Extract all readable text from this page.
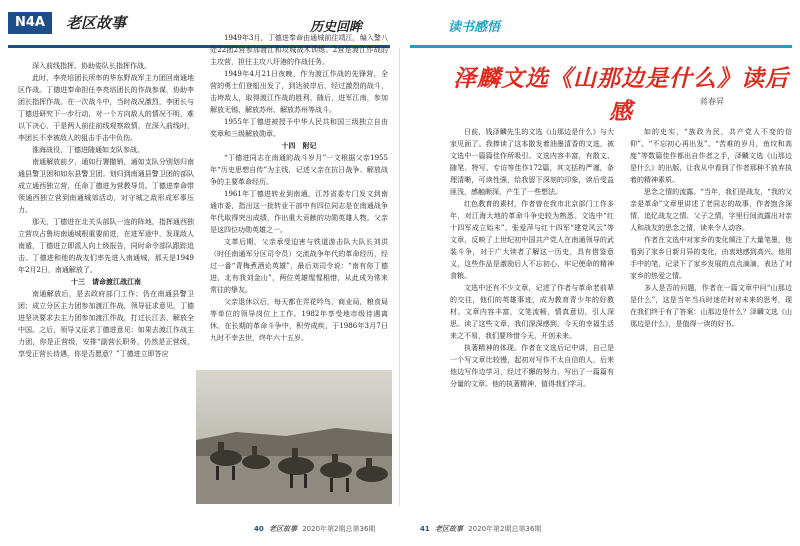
N4A	老区故事	历史回眸	读书感悟

深入前线指挥，协助姿队长指挥作战。

此时，李亮培团长所率的华东野战军主力团回南通地区作战。丁德进奉命担任李亮培团长的作战参谋，协助李团长指挥作战。在一次战斗中，当时战况激烈，李团长与丁德进研究下一步行动，对一个方向敌人的情况不明，难以下决心，于是两人前往前线观察敌情，在深入前线时，李团长不幸被敌人的狙击手击中负伤。

淮海战役，丁德进随通如支队参战。

南通解放前夕，通如行署撤销，通如支队分别划归南通县警卫团和如东县警卫团。划归到南通县警卫团的部队成立通西独立营，任命丁德进为营教导员。丁德进奉命带领通西独立营到南通城郊活动，对守城之敌形成军事压力。

那天，丁德进在北关头部队一连的阵地，指挥通西独立营攻占鲁坊南通城根重要前进，在进军途中，发现敌人南遁，丁德进立即派人向上级报告，同时命令部队跟踪追击。丁德进和他的战友们率先进入南通城，那天是1949年2月2日，南通解放了。

十三　请命渡江战江南

南通解放后，是去政府部门工作；仍在南通县警卫团；成立分区主力团参加渡江作战，领导征求意见，丁德进坚决要求去主力团参加渡江作战，打过长江去，解放全中国。之后，领导又征求丁德进意见：如果去渡江作战主力团，你是正营级，安排“副营长职务，仍然是正营级，享受正营长待遇，你是否愿意？”丁德进立即答应

1949年3月，丁德进奉命由通城前往靖江，编入警八处22团2营参加渡江和攻城战术训练。2营是渡江作战的主攻营，担任主攻八圩港的作战任务。

1949年4月21日夜晚，作为渡江作战的先锋营，全营的勇士们登船出发了，到达彼岸后，经过激烈的战斗，击垮敌人，取得渡江作战的胜利，随后，进军江南，参加解放无锡、解放苏州、解放苏州等战斗。

1955年丁德进被授予中华人民共和国三级独立自由奖章和三级解放勋章。

十四　附记

“丁德进同志在南通的战斗岁月”一文根据父亲1955年“历史思想自传”为主线，记述父亲在抗日战争、解放战争的主要革命经历。

1961年丁德进转业到南通，江苏省委专门发文到南通市委，指出这一批转业干部中有四位同志是在南通战争年代取得突出成绩，作出重大贡献的功勋英雄人物。父亲是这四位功勋英雄之一。

文革后期，父亲承受迫害与铁道游击队大队长刘洪（时任南通军分区司令员）交流战争年代的革命经历，经过一番“青梅煮酒论英雄”，最后刘司令说：“南有你丁德进，北有我刘金山”，两位英雄惺惺相惜，从此成为常来常往的挚友。

父亲退休以后，每天都在弄花吟鸟，商业局，粮食局等单位的领导岗位上工作。1982年享受地市级待遇离休。在长期的革命斗争中，积劳成疾，于1986年3月7日九时不幸去世，终年六十五岁。

泽麟文选《山那边是什么》读后感	蒋春昇

日前，钱泽麟先生的文选《山那边是什么》与大家见面了。我捧读了这本散发着油墨清香的文选，被文选中一篇篇佳作所吸引。文选内容丰富，有散文、随笔、特写、专访等佳作172篇，其文括构严谨，条理清晰，可读性强，给我留下深刻的印象，读后受益匪浅，感触颇深，产生了一些想法。

红色教育的素材，作者曾在我市北京部门工作多年，对江海大地的革命斗争史较为熟悉。文选中“红十四军成立始末”、张爱萍与红十四军“建党风云”等文章，反映了上世纪初中国共产党人在南通领导的武装斗争，对于广大读者了解这一历史，具有借鉴意义，这些作品是激励后人不忘初心、牢记使命的精神食粮。

文选中还有不少文章，记述了作者与革命老前辈的交往，他们的英雄事迹，成为教育青少年的好教材。文章内容丰富，文笔流畅，情真意切，引人深思。读了这些文章，我们深深感到，今天的幸福生活来之不易，我们要珍惜今天，开创未来。

执著精神的体现。作者在文选后记中讲，自己是一个写文章比较慢，起初对写作不太自信的人，后来他边写作边学习，经过不懈的努力，写出了一篇篇有分量的文章。他的执著精神，值得我们学习。

如的史实，“族政为民，共产党人不变的信仰”、“不忘初心再出发”、“苦难的岁月，鱼坟和高度”等数篇佳作都出自作者之手，泽麟文选《山那边是什么》的出版，让我从中看到了作者那种不放弃执着的精神素质。

思念之情的流露。“当年，我们是战友，“我的父亲是革命”文章里讲述了老同志的故事，作者饱含深情，追忆战友之情、父子之情，字里行间流露出对亲人和战友的思念之情，读来令人动容。

作者在文选中对家乡的变化倾注了大量笔墨，他看到了家乡日新月异的变化，由衷地感到高兴。他用手中的笔，记录下了家乡发展的点点滴滴，表达了对家乡的热爱之情。

多人是否的问题，作者在一篇文章中问“山那边是什么”，这是当年当兵时迷茫时对未来的思考，现在我们终于有了答案：山那边是什么？泽麟文选《山那边是什么》，是值得一读的好书。

40 老区故事 2020年第2期总第36期	41 老区故事 2020年第2期总第36期
